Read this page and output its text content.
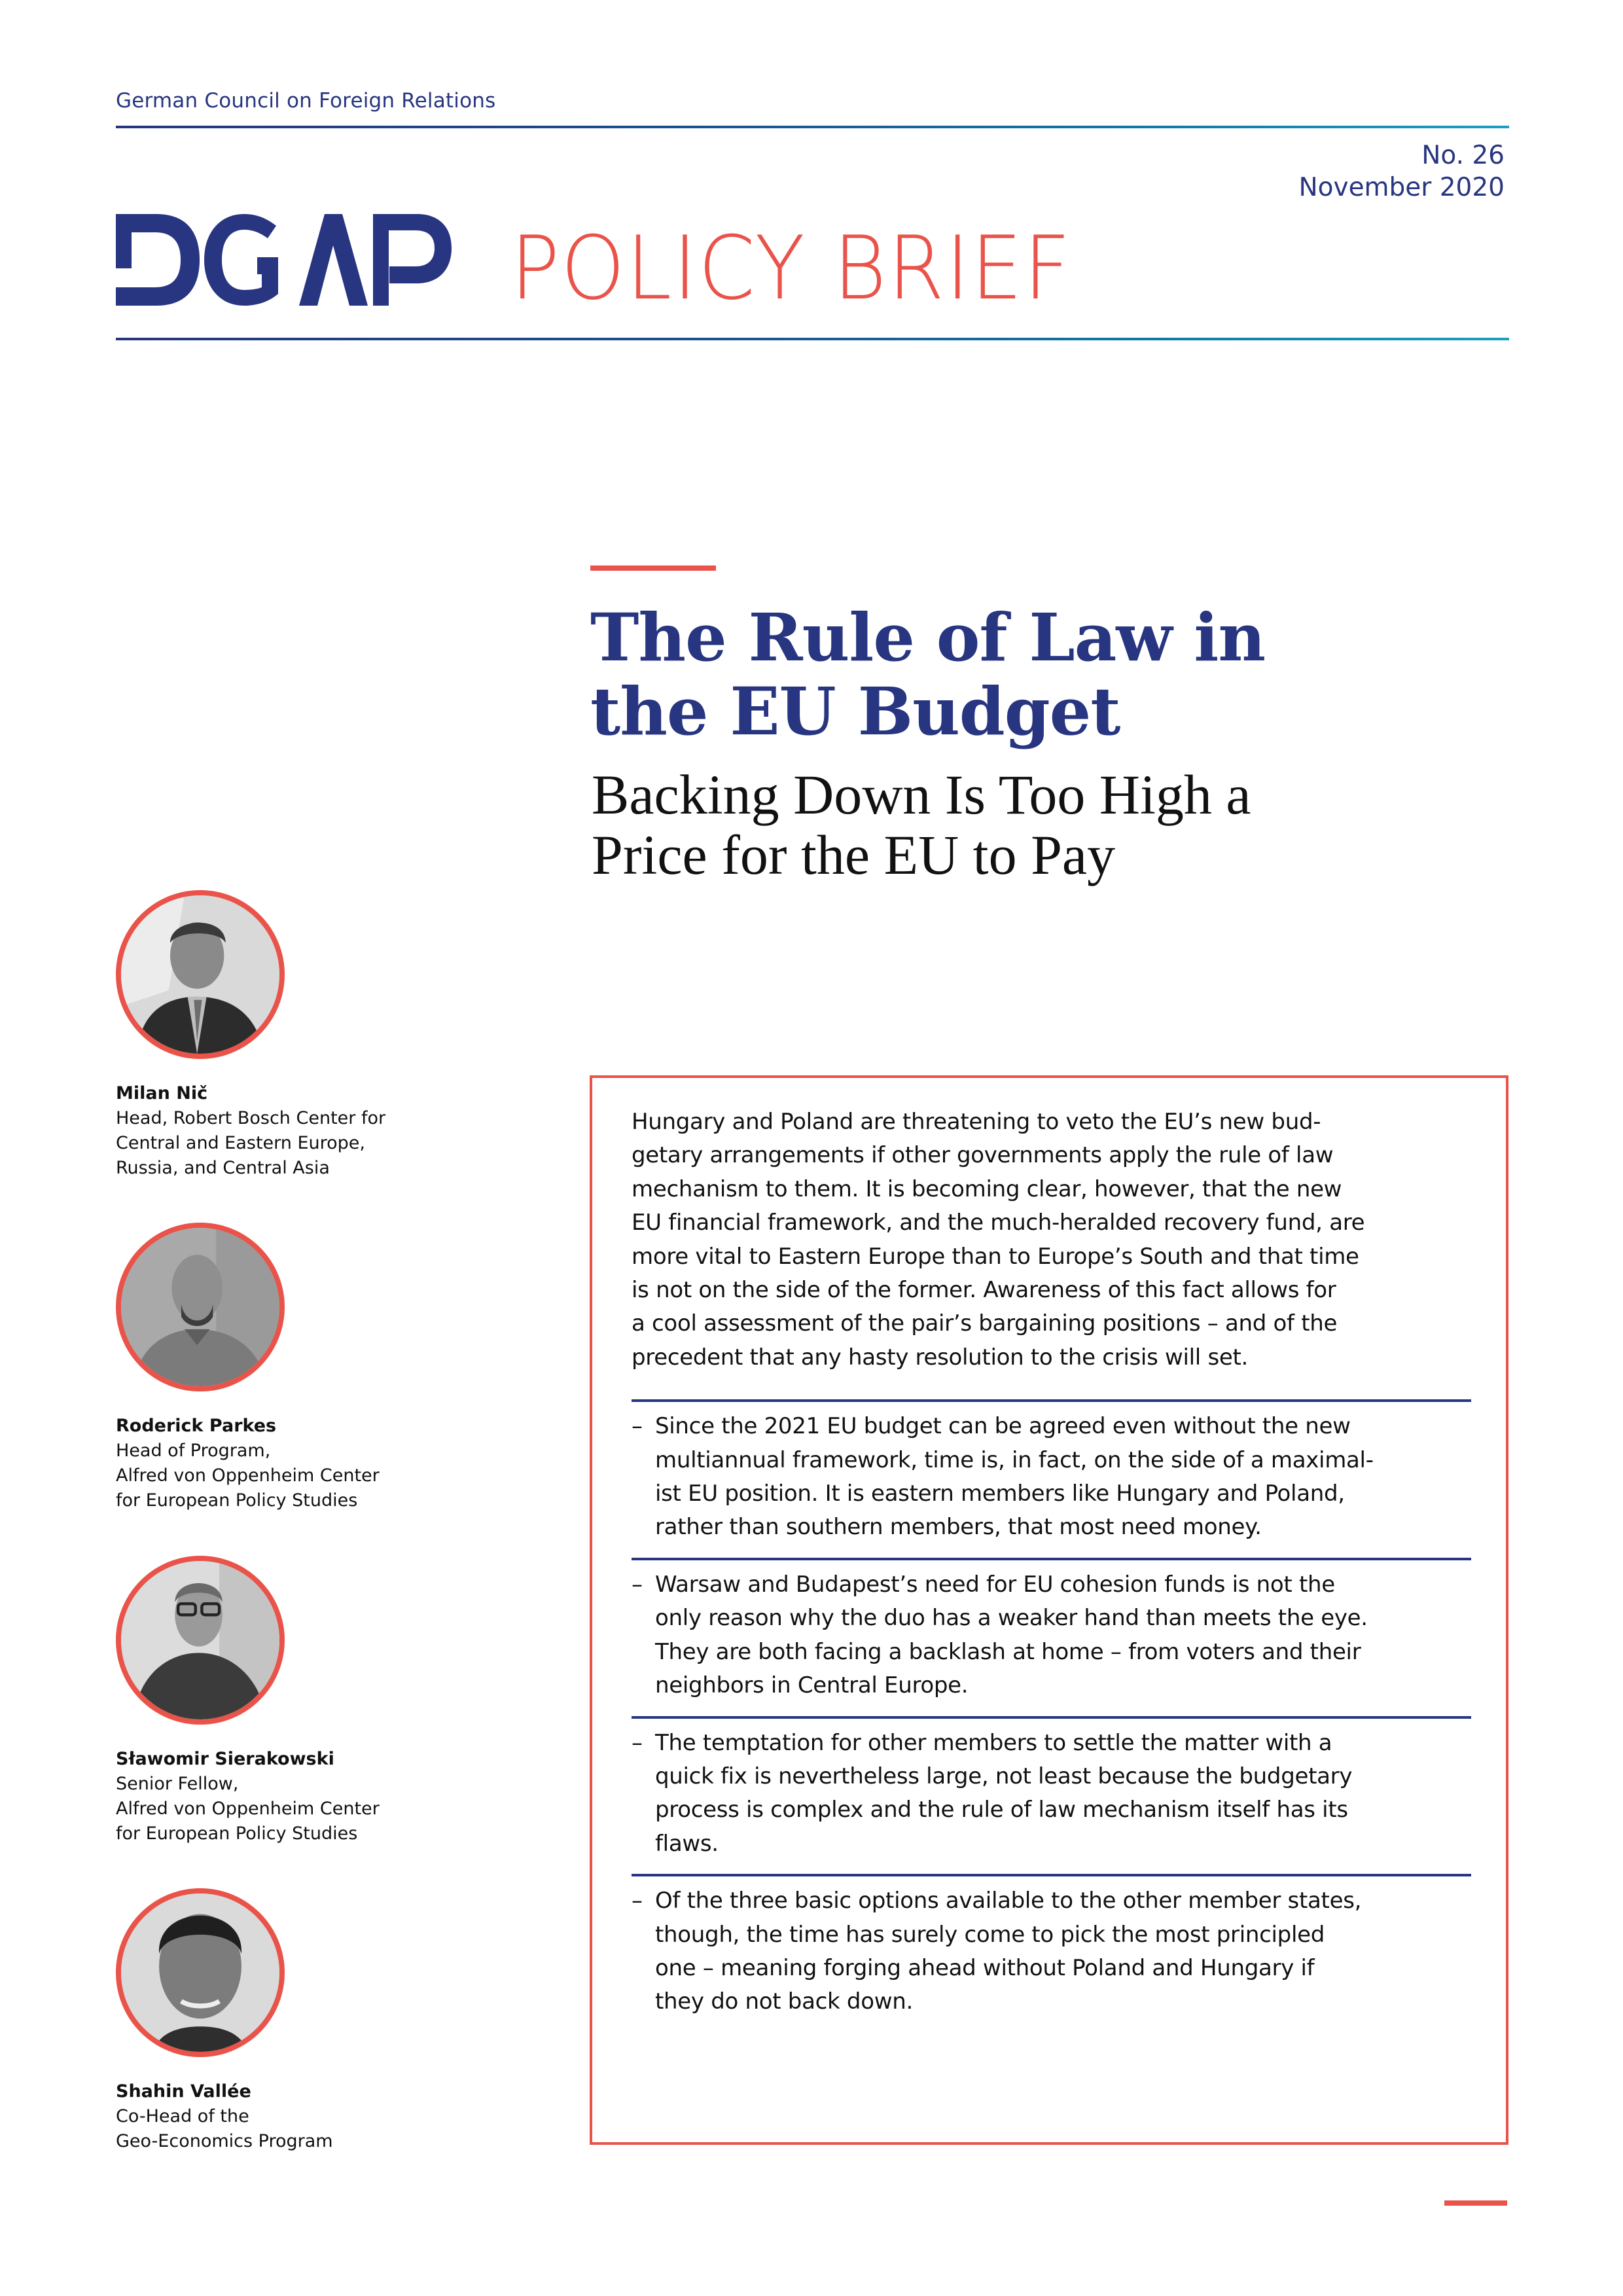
German Council on Foreign Relations
No. 26
November 2020
POLICY BRIEF
The Rule of Law in
the EU Budget
Backing Down Is Too High a
Price for the EU to Pay
Milan Nič
Head, Robert Bosch Center for
Central and Eastern Europe,
Russia, and Central Asia
Roderick Parkes
Head of Program,
Alfred von Oppenheim Center
for European Policy Studies
Sławomir Sierakowski
Senior Fellow,
Alfred von Oppenheim Center
for European Policy Studies
Shahin Vallée
Co-Head of the
Geo-Economics Program
Hungary and Poland are threatening to veto the EU’s new bud-
getary arrangements if other governments apply the rule of law
mechanism to them. It is becoming clear, however, that the new
EU financial framework, and the much-heralded recovery fund, are
more vital to Eastern Europe than to Europe’s South and that time
is not on the side of the former. Awareness of this fact allows for
a cool assessment of the pair’s bargaining positions – and of the
precedent that any hasty resolution to the crisis will set.
– Since the 2021 EU budget can be agreed even without the new
multiannual framework, time is, in fact, on the side of a maximal-
ist EU position. It is eastern members like Hungary and Poland,
rather than southern members, that most need money.
– Warsaw and Budapest’s need for EU cohesion funds is not the
only reason why the duo has a weaker hand than meets the eye.
They are both facing a backlash at home – from voters and their
neighbors in Central Europe.
– The temptation for other members to settle the matter with a
quick fix is nevertheless large, not least because the budgetary
process is complex and the rule of law mechanism itself has its
flaws.
– Of the three basic options available to the other member states,
though, the time has surely come to pick the most principled
one – meaning forging ahead without Poland and Hungary if
they do not back down.
